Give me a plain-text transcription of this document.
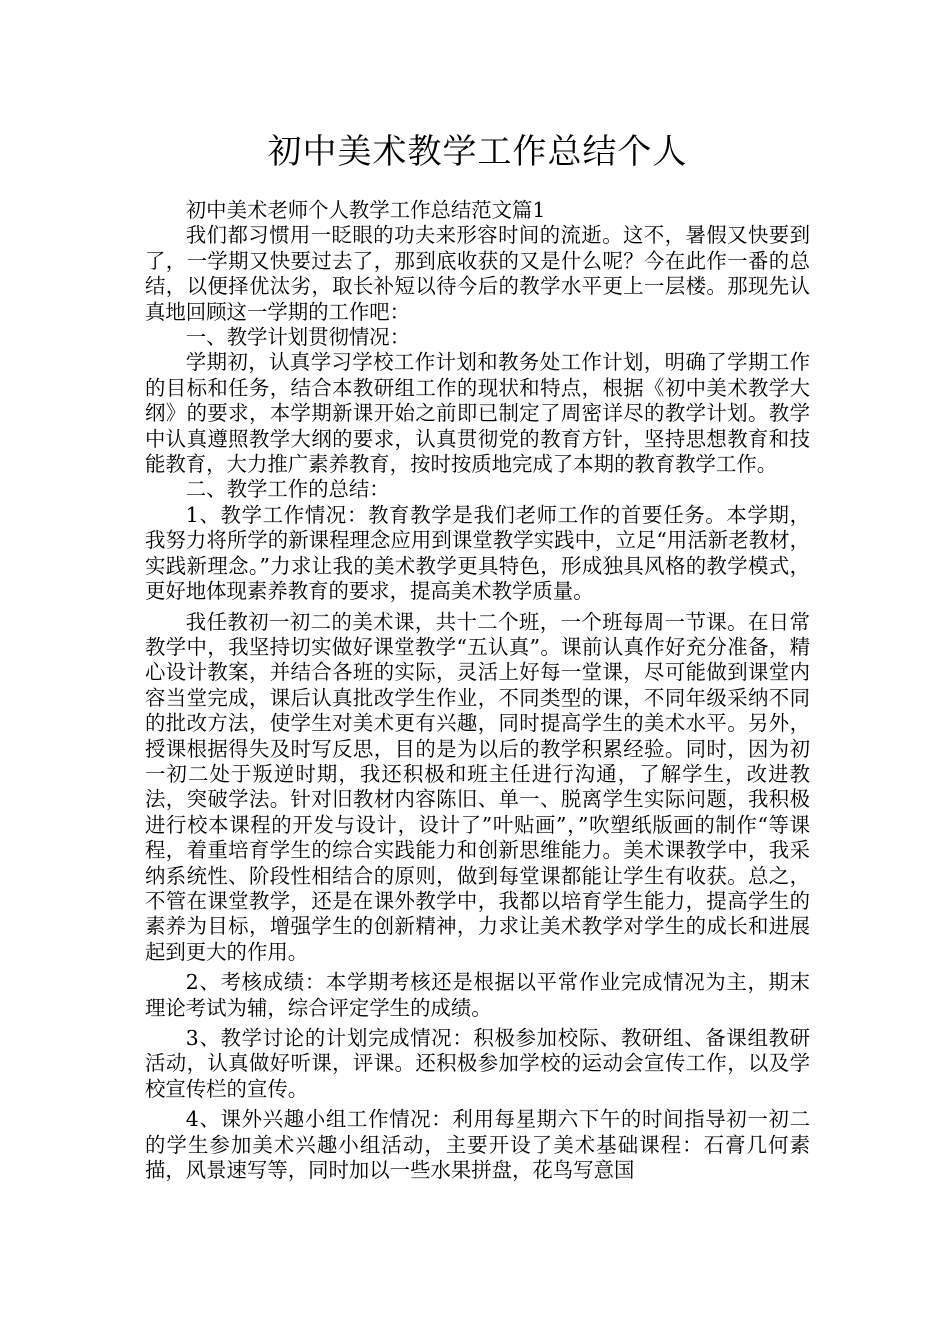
初中美术教学工作总结个人

初中美术老师个人教学工作总结范文篇1

我们都习惯用一眨眼的功夫来形容时间的流逝。这不，暑假又快要到了，一学期又快要过去了，那到底收获的又是什么呢？今在此作一番的总结，以便择优汰劣，取长补短以待今后的教学水平更上一层楼。那现先认真地回顾这一学期的工作吧：

一、教学计划贯彻情况：

学期初，认真学习学校工作计划和教务处工作计划，明确了学期工作的目标和任务，结合本教研组工作的现状和特点，根据《初中美术教学大纲》的要求，本学期新课开始之前即已制定了周密详尽的教学计划。教学中认真遵照教学大纲的要求，认真贯彻党的教育方针，坚持思想教育和技能教育，大力推广素养教育，按时按质地完成了本期的教育教学工作。

二、教学工作的总结：

1、教学工作情况：教育教学是我们老师工作的首要任务。本学期，我努力将所学的新课程理念应用到课堂教学实践中，立足“用活新老教材，实践新理念。”力求让我的美术教学更具特色，形成独具风格的教学模式，更好地体现素养教育的要求，提高美术教学质量。

我任教初一初二的美术课，共十二个班，一个班每周一节课。在日常教学中，我坚持切实做好课堂教学“五认真”。课前认真作好充分准备，精心设计教案，并结合各班的实际，灵活上好每一堂课，尽可能做到课堂内容当堂完成，课后认真批改学生作业，不同类型的课，不同年级采纳不同的批改方法，使学生对美术更有兴趣，同时提高学生的美术水平。另外，授课根据得失及时写反思，目的是为以后的教学积累经验。同时，因为初一初二处于叛逆时期，我还积极和班主任进行沟通，了解学生，改进教法，突破学法。针对旧教材内容陈旧、单一、脱离学生实际问题，我积极进行校本课程的开发与设计，设计了”叶贴画”，”吹塑纸版画的制作“等课程，着重培育学生的综合实践能力和创新思维能力。美术课教学中，我采纳系统性、阶段性相结合的原则，做到每堂课都能让学生有收获。总之，不管在课堂教学，还是在课外教学中，我都以培育学生能力，提高学生的素养为目标，增强学生的创新精神，力求让美术教学对学生的成长和进展起到更大的作用。

2、考核成绩：本学期考核还是根据以平常作业完成情况为主，期末理论考试为辅，综合评定学生的成绩。

3、教学讨论的计划完成情况：积极参加校际、教研组、备课组教研活动，认真做好听课，评课。还积极参加学校的运动会宣传工作，以及学校宣传栏的宣传。

4、课外兴趣小组工作情况：利用每星期六下午的时间指导初一初二的学生参加美术兴趣小组活动，主要开设了美术基础课程：石膏几何素描，风景速写等，同时加以一些水果拼盘，花鸟写意国
